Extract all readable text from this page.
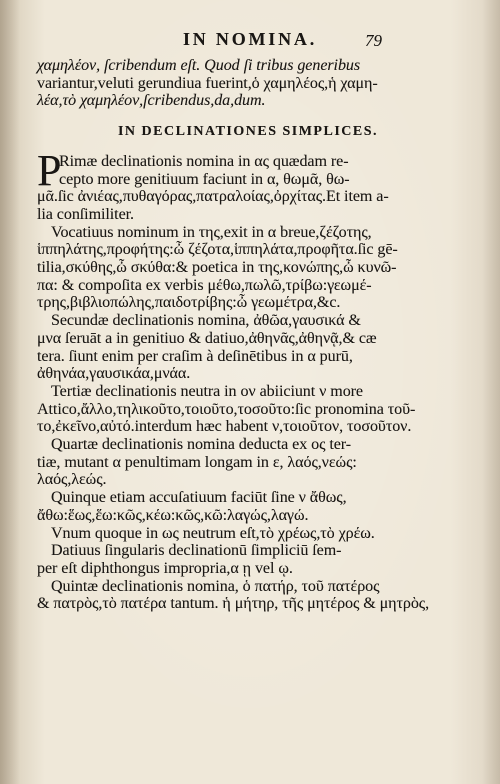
IN NOMINA.	79
χαμηλέον, ſcribendum eſt. Quod ſi tribus generibus
variantur,veluti gerundiua fuerint,ὁ χαμηλέος,ἡ χαμη-
λέα,τὸ χαμηλέον,ſcribendus,da,dum.
IN DECLINATIONES SIMPLICES.
P
Rimæ declinationis nomina in ας quædam re-
cepto more genitiuum faciunt in α, θωμᾶ, θω-
μᾶ.ſic ἀνιέας,πυθαγόρας,πατραλοίας,ὀρχίτας.Et item a-
lia conſimiliter.
Vocatiuus nominum in της,exit in α breue,ζέζοτης,
ἱππηλάτης,προφήτης:ὦ ζέζοτα,ἱππηλάτα,προφῆτα.ſic gē-
tilia,σκύθης,ὦ σκύθα:& poetica in της,κονώπης,ὦ κυνῶ-
πα: & compoſita ex verbis μέθω,πωλῶ,τρίβω:γεωμέ-
τρης,βιβλιοπώλης,παιδοτρίβης:ὦ γεωμέτρα,&c.
Secundæ declinationis nomina, ἀθῶα,γαυσικά &
μνα ſeruāt a in genitiuo & datiuo,ἀθηνᾶς,ἀθηνᾷ,& cæ
tera. ſiunt enim per craſim à deſinētibus in α purū,
ἀθηνάα,γαυσικάα,μνάα.
Tertiæ declinationis neutra in ον abiiciunt ν more
Attico,ἄλλο,τηλικοῦτο,τοιοῦτο,τοσοῦτο:ſic pronomina τοῦ-
το,ἐκεῖνο,αὐτό.interdum hæc habent ν,τοιοῦτον, τοσοῦτον.
Quartæ declinationis nomina deducta ex ος ter-
tiæ, mutant α penultimam longam in ε, λαός,νεώς:
λαός,λεώς.
Quinque etiam accuſatiuum faciūt ſine ν ἄθως,
ἄθω:ἕως,ἕω:κῶς,κέω:κῶς,κῶ:λαγώς,λαγώ.
Vnum quoque in ως neutrum eſt,τὸ χρέως,τὸ χρέω.
Datiuus ſingularis declinationū ſimpliciū ſem-
per eſt diphthongus impropria,α ῃ vel ῳ.
Quintæ declinationis nomina, ὁ πατήρ, τοῦ πατέρος
& πατρὸς,τὸ πατέρα tantum. ἡ μήτηρ, τῆς μητέρος & μητρὸς,
